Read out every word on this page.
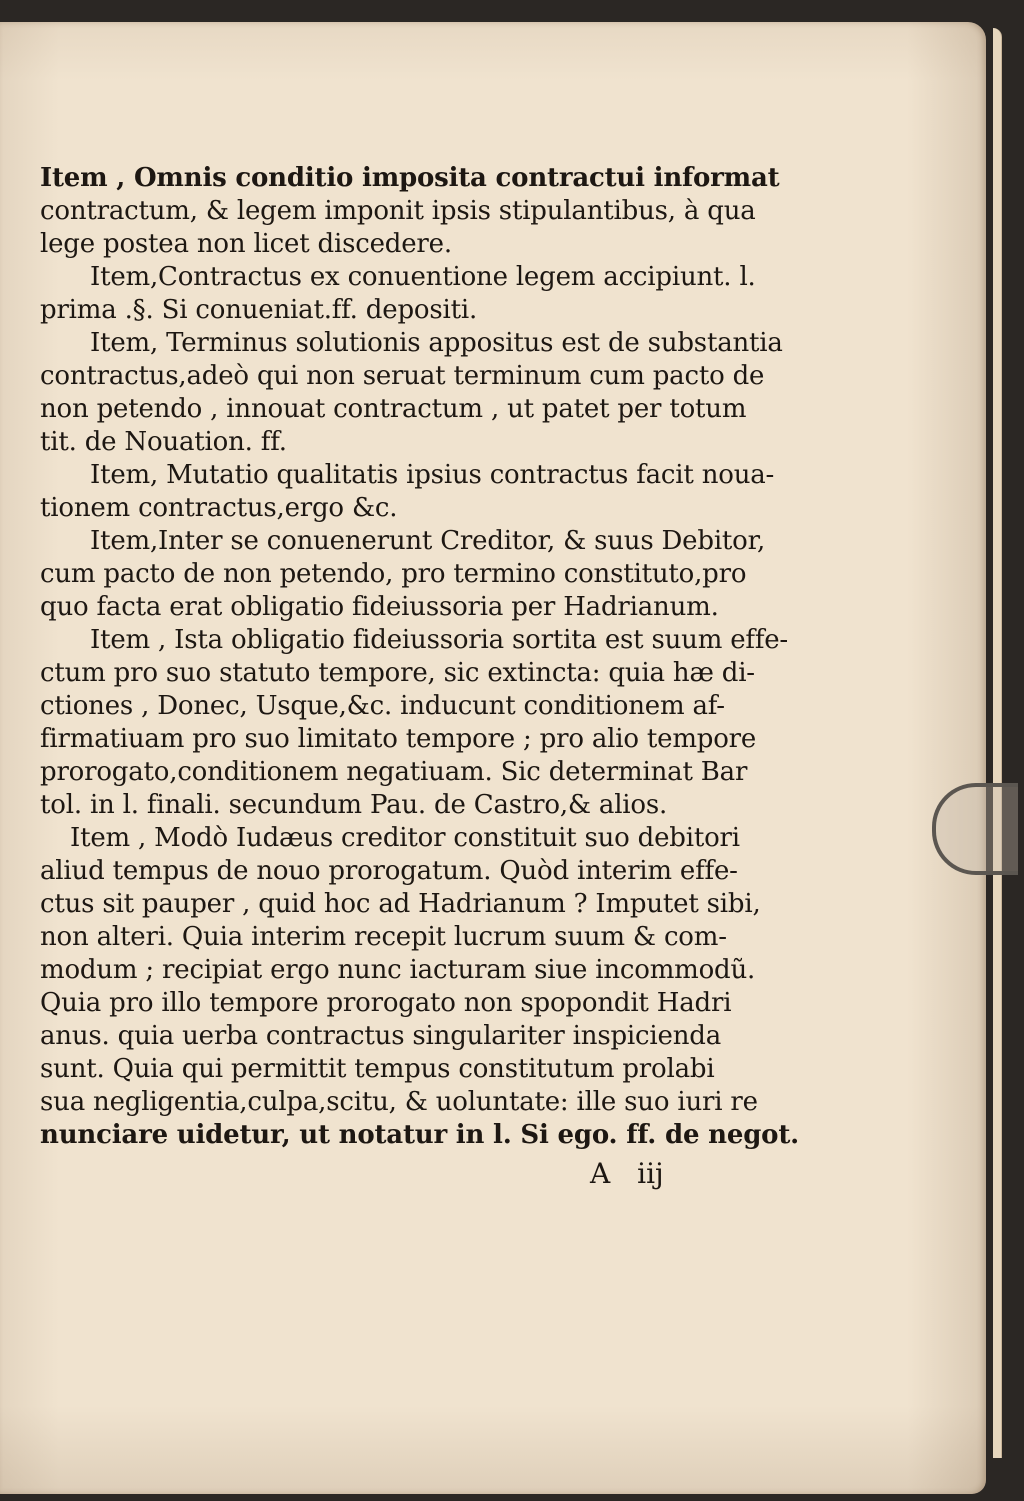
Item , Omnis conditio imposita contractui informat
contractum, & legem imponit ipsis stipulantibus, à qua
lege postea non licet discedere.
Item,Contractus ex conuentione legem accipiunt. l.
prima .§. Si conueniat.ff. depositi.
Item, Terminus solutionis appositus est de substantia
contractus,adeò qui non seruat terminum cum pacto de
non petendo , innouat contractum , ut patet per totum
tit. de Nouation. ff.
Item, Mutatio qualitatis ipsius contractus facit noua-
tionem contractus,ergo &c.
Item,Inter se conuenerunt Creditor, & suus Debitor,
cum pacto de non petendo, pro termino constituto,pro
quo facta erat obligatio fideiussoria per Hadrianum.
Item , Ista obligatio fideiussoria sortita est suum effe-
ctum pro suo statuto tempore, sic extincta: quia hæ di-
ctiones , Donec, Usque,&c. inducunt conditionem af-
firmatiuam pro suo limitato tempore ; pro alio tempore
prorogato,conditionem negatiuam. Sic determinat Bar
tol. in l. finali. secundum Pau. de Castro,& alios.
Item , Modò Iudæus creditor constituit suo debitori
aliud tempus de nouo prorogatum. Quòd interim effe-
ctus sit pauper , quid hoc ad Hadrianum ? Imputet sibi,
non alteri. Quia interim recepit lucrum suum & com-
modum ; recipiat ergo nunc iacturam siue incommodũ.
Quia pro illo tempore prorogato non spopondit Hadri
anus. quia uerba contractus singulariter inspicienda
sunt. Quia qui permittit tempus constitutum prolabi
sua negligentia,culpa,scitu, & uoluntate: ille suo iuri re
nunciare uidetur, ut notatur in l. Si ego. ff. de negot.
A iij
